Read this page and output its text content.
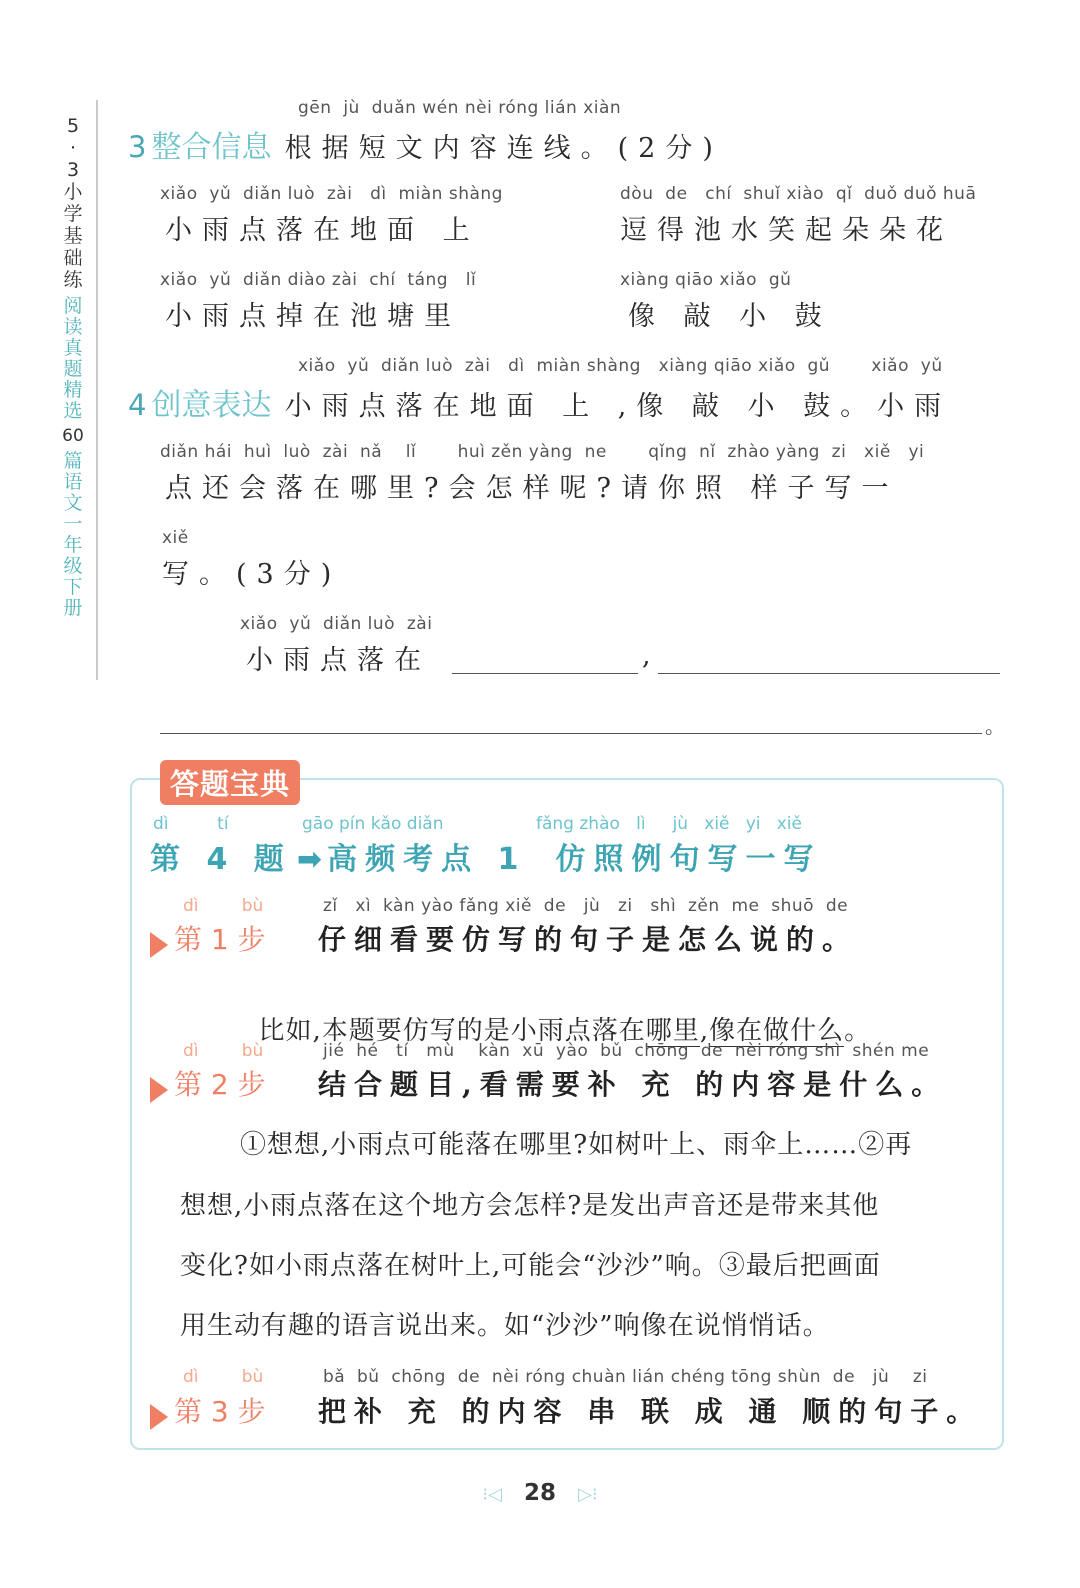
5
·
3
小
学
基
础
练
阅
读
真
题
精
选
60
篇
语
文
一
年
级
下
册
gēn  jù  duǎn wén nèi róng lián xiàn
3 整合信息 根据短文内容连线。(2分)
xiǎo  yǔ  diǎn luò  zài   dì  miàn shàng
小雨点落在地面 上
dòu  de   chí  shuǐ xiào  qǐ  duǒ duǒ huā
逗得池水笑起朵朵花
xiǎo  yǔ  diǎn diào zài  chí  táng   lǐ
小雨点掉在池塘里
xiàng qiāo xiǎo  gǔ
像 敲 小 鼓
xiǎo  yǔ  diǎn luò  zài   dì  miàn shàng   xiàng qiāo xiǎo  gǔ       xiǎo  yǔ
4 创意表达 小雨点落在地面 上 ,像 敲 小 鼓。小雨
diǎn hái  huì  luò  zài  nǎ    lǐ       huì zěn yàng  ne       qǐng  nǐ  zhào yàng  zi   xiě   yi
点还会落在哪里?会怎样呢?请你照 样子写一
xiě
写。(3分)
xiǎo  yǔ  diǎn luò  zài
小雨点落在	,
。
答题宝典
dì         tí	gāo pín kǎo diǎn	fǎng zhào   lì     jù   xiě   yi   xiě
第 4 题 ➡ 高频考点 1 仿照例句写一写
dì        bù	zǐ   xì  kàn yào fǎng xiě  de   jù   zi   shì  zěn  me  shuō  de
第 1 步 仔细看要仿写的句子是怎么说的。

比如,本题要仿写的是小雨点落在哪里,像在做什么。

dì        bù	jié  hé   tí   mù    kàn  xū  yào  bǔ  chōng  de  nèi róng shì  shén me
第 2 步 结合题目,看需要补 充 的内容是什么。
①想想,小雨点可能落在哪里?如树叶上、雨伞上……②再
想想,小雨点落在这个地方会怎样?是发出声音还是带来其他
变化?如小雨点落在树叶上,可能会“沙沙”响。③最后把画面
用生动有趣的语言说出来。如“沙沙”响像在说悄悄话。
dì        bù	bǎ  bǔ  chōng  de  nèi róng chuàn lián chéng tōng shùn  de   jù    zi
第 3 步 把补 充 的内容 串 联 成 通 顺的句子。
⁝◁ 28 ▷⁝
